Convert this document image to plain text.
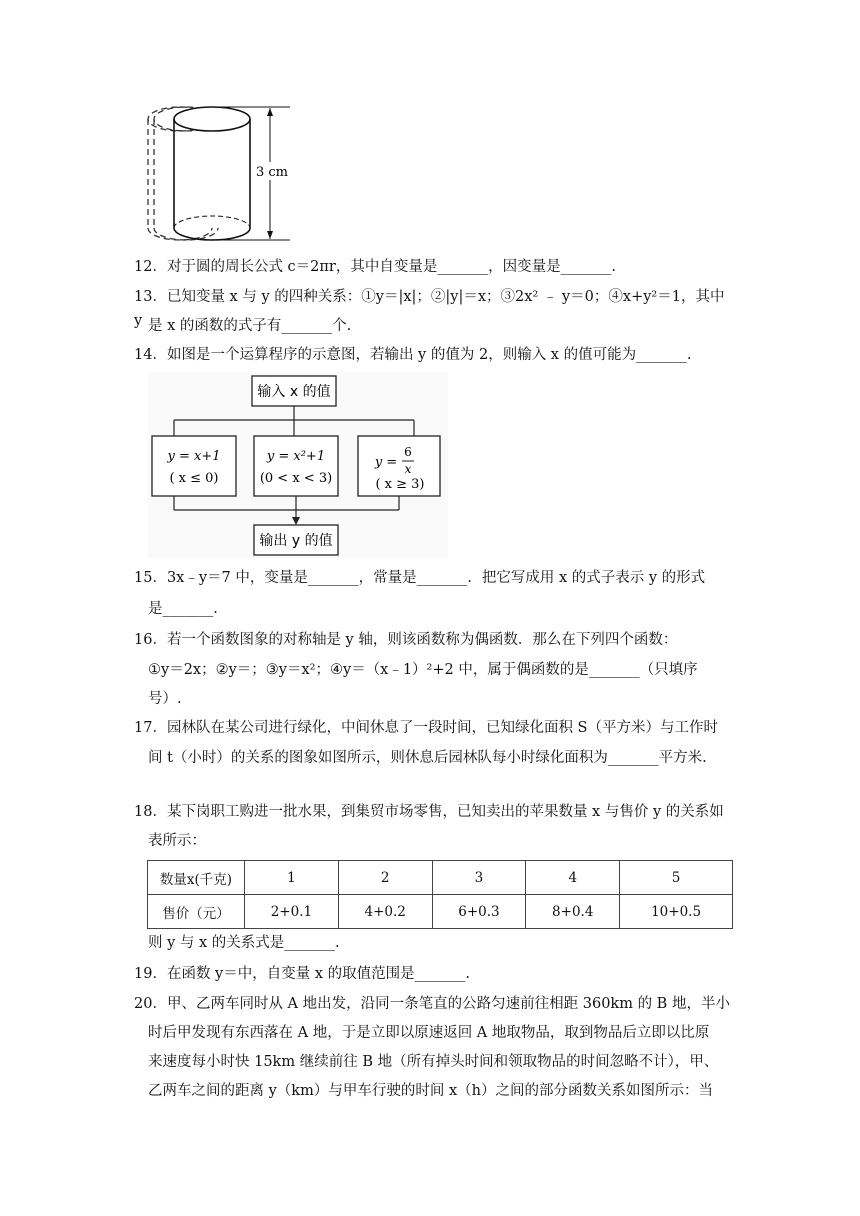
3 cm
12．对于圆的周长公式 c＝2πr，其中自变量是_______，因变量是_______.
13．已知变量 x 与 y 的四种关系：①y＝|x|；②|y|＝x；③2x² ﹣ y＝0；④x+y²＝1，其中 y 是 x 的函数的式子有_______个.
14．如图是一个运算程序的示意图，若输出 y 的值为 2，则输入 x 的值可能为_______.
输入 x 的值
y = x+1
( x ≤ 0)
y = x²+1
(0 < x < 3)
y =
6
x
( x ≥ 3)
输出 y 的值
15．3x﹣y＝7 中，变量是_______，常量是_______．把它写成用 x 的式子表示 y 的形式
是_______.
16．若一个函数图象的对称轴是 y 轴，则该函数称为偶函数．那么在下列四个函数：
①y＝2x；②y＝；③y＝x²；④y＝（x﹣1）²+2 中，属于偶函数的是_______（只填序
号）.
17．园林队在某公司进行绿化，中间休息了一段时间，已知绿化面积 S（平方米）与工作时
间 t（小时）的关系的图象如图所示，则休息后园林队每小时绿化面积为_______平方米.
18．某下岗职工购进一批水果，到集贸市场零售，已知卖出的苹果数量 x 与售价 y 的关系如
表所示：
数量x(千克)	1	2	3	4	5
售价（元）	2+0.1	4+0.2	6+0.3	8+0.4	10+0.5
则 y 与 x 的关系式是_______.
19．在函数 y＝中，自变量 x 的取值范围是_______.
20．甲、乙两车同时从 A 地出发，沿同一条笔直的公路匀速前往相距 360km 的 B 地，半小
时后甲发现有东西落在 A 地，于是立即以原速返回 A 地取物品，取到物品后立即以比原
来速度每小时快 15km 继续前往 B 地（所有掉头时间和领取物品的时间忽略不计），甲、
乙两车之间的距离 y（km）与甲车行驶的时间 x（h）之间的部分函数关系如图所示：当
